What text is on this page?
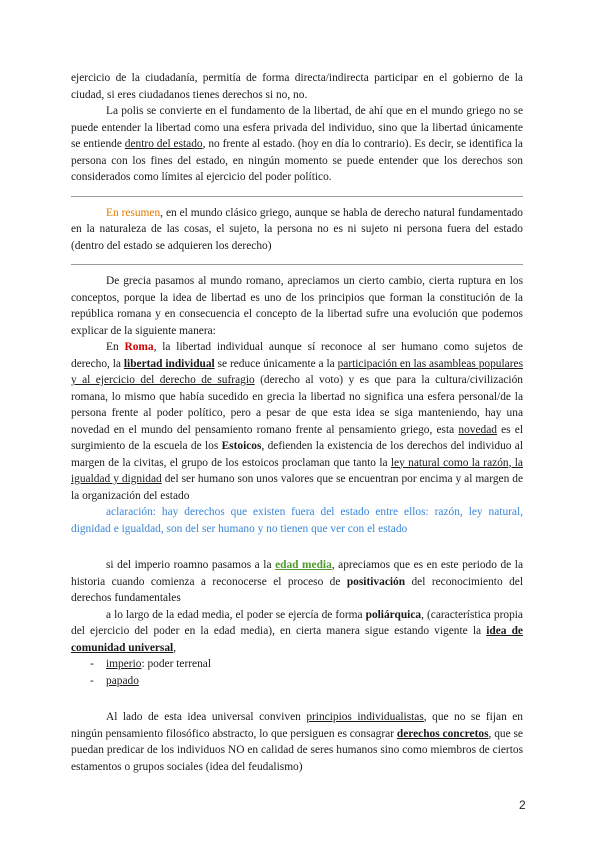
ejercicio de la ciudadanía, permitía de forma directa/indirecta participar en el gobierno de la ciudad, si eres ciudadanos tienes derechos si no, no.

La polis se convierte en el fundamento de la libertad, de ahí que en el mundo griego no se puede entender la libertad como una esfera privada del individuo, sino que la libertad únicamente se entiende dentro del estado, no frente al estado. (hoy en día lo contrario). Es decir, se identifica la persona con los fines del estado, en ningún momento se puede entender que los derechos son considerados como límites al ejercicio del poder político.

En resumen, en el mundo clásico griego, aunque se habla de derecho natural fundamentado en la naturaleza de las cosas, el sujeto, la persona no es ni sujeto ni persona fuera del estado (dentro del estado se adquieren los derecho)

De grecia pasamos al mundo romano, apreciamos un cierto cambio, cierta ruptura en los conceptos, porque la idea de libertad es uno de los principios que forman la constitución de la república romana y en consecuencia el concepto de la libertad sufre una evolución que podemos explicar de la siguiente manera:

En Roma, la libertad individual aunque sí reconoce al ser humano como sujetos de derecho, la libertad individual se reduce únicamente a la participación en las asambleas populares y al ejercicio del derecho de sufragio (derecho al voto) y es que para la cultura/civilización romana, lo mismo que había sucedido en grecia la libertad no significa una esfera personal/de la persona frente al poder político, pero a pesar de que esta idea se siga manteniendo, hay una novedad en el mundo del pensamiento romano frente al pensamiento griego, esta novedad es el surgimiento de la escuela de los Estoicos, defienden la existencia de los derechos del individuo al margen de la civitas, el grupo de los estoicos proclaman que tanto la ley natural como la razón, la igualdad y dignidad del ser humano son unos valores que se encuentran por encima y al margen de la organización del estado

aclaración: hay derechos que existen fuera del estado entre ellos: razón, ley natural, dignidad e igualdad, son del ser humano y no tienen que ver con el estado

si del imperio roamno pasamos a la edad media, apreciamos que es en este periodo de la historia cuando comienza a reconocerse el proceso de positivación del reconocimiento del derechos fundamentales

a lo largo de la edad media, el poder se ejercía de forma poliárquica, (característica propia del ejercicio del poder en la edad media), en cierta manera sigue estando vigente la idea de comunidad universal,

- imperio: poder terrenal
- papado

Al lado de esta idea universal conviven principios individualistas, que no se fijan en ningún pensamiento filosófico abstracto, lo que persiguen es consagrar derechos concretos, que se puedan predicar de los individuos NO en calidad de seres humanos sino como miembros de ciertos estamentos o grupos sociales (idea del feudalismo)

2
